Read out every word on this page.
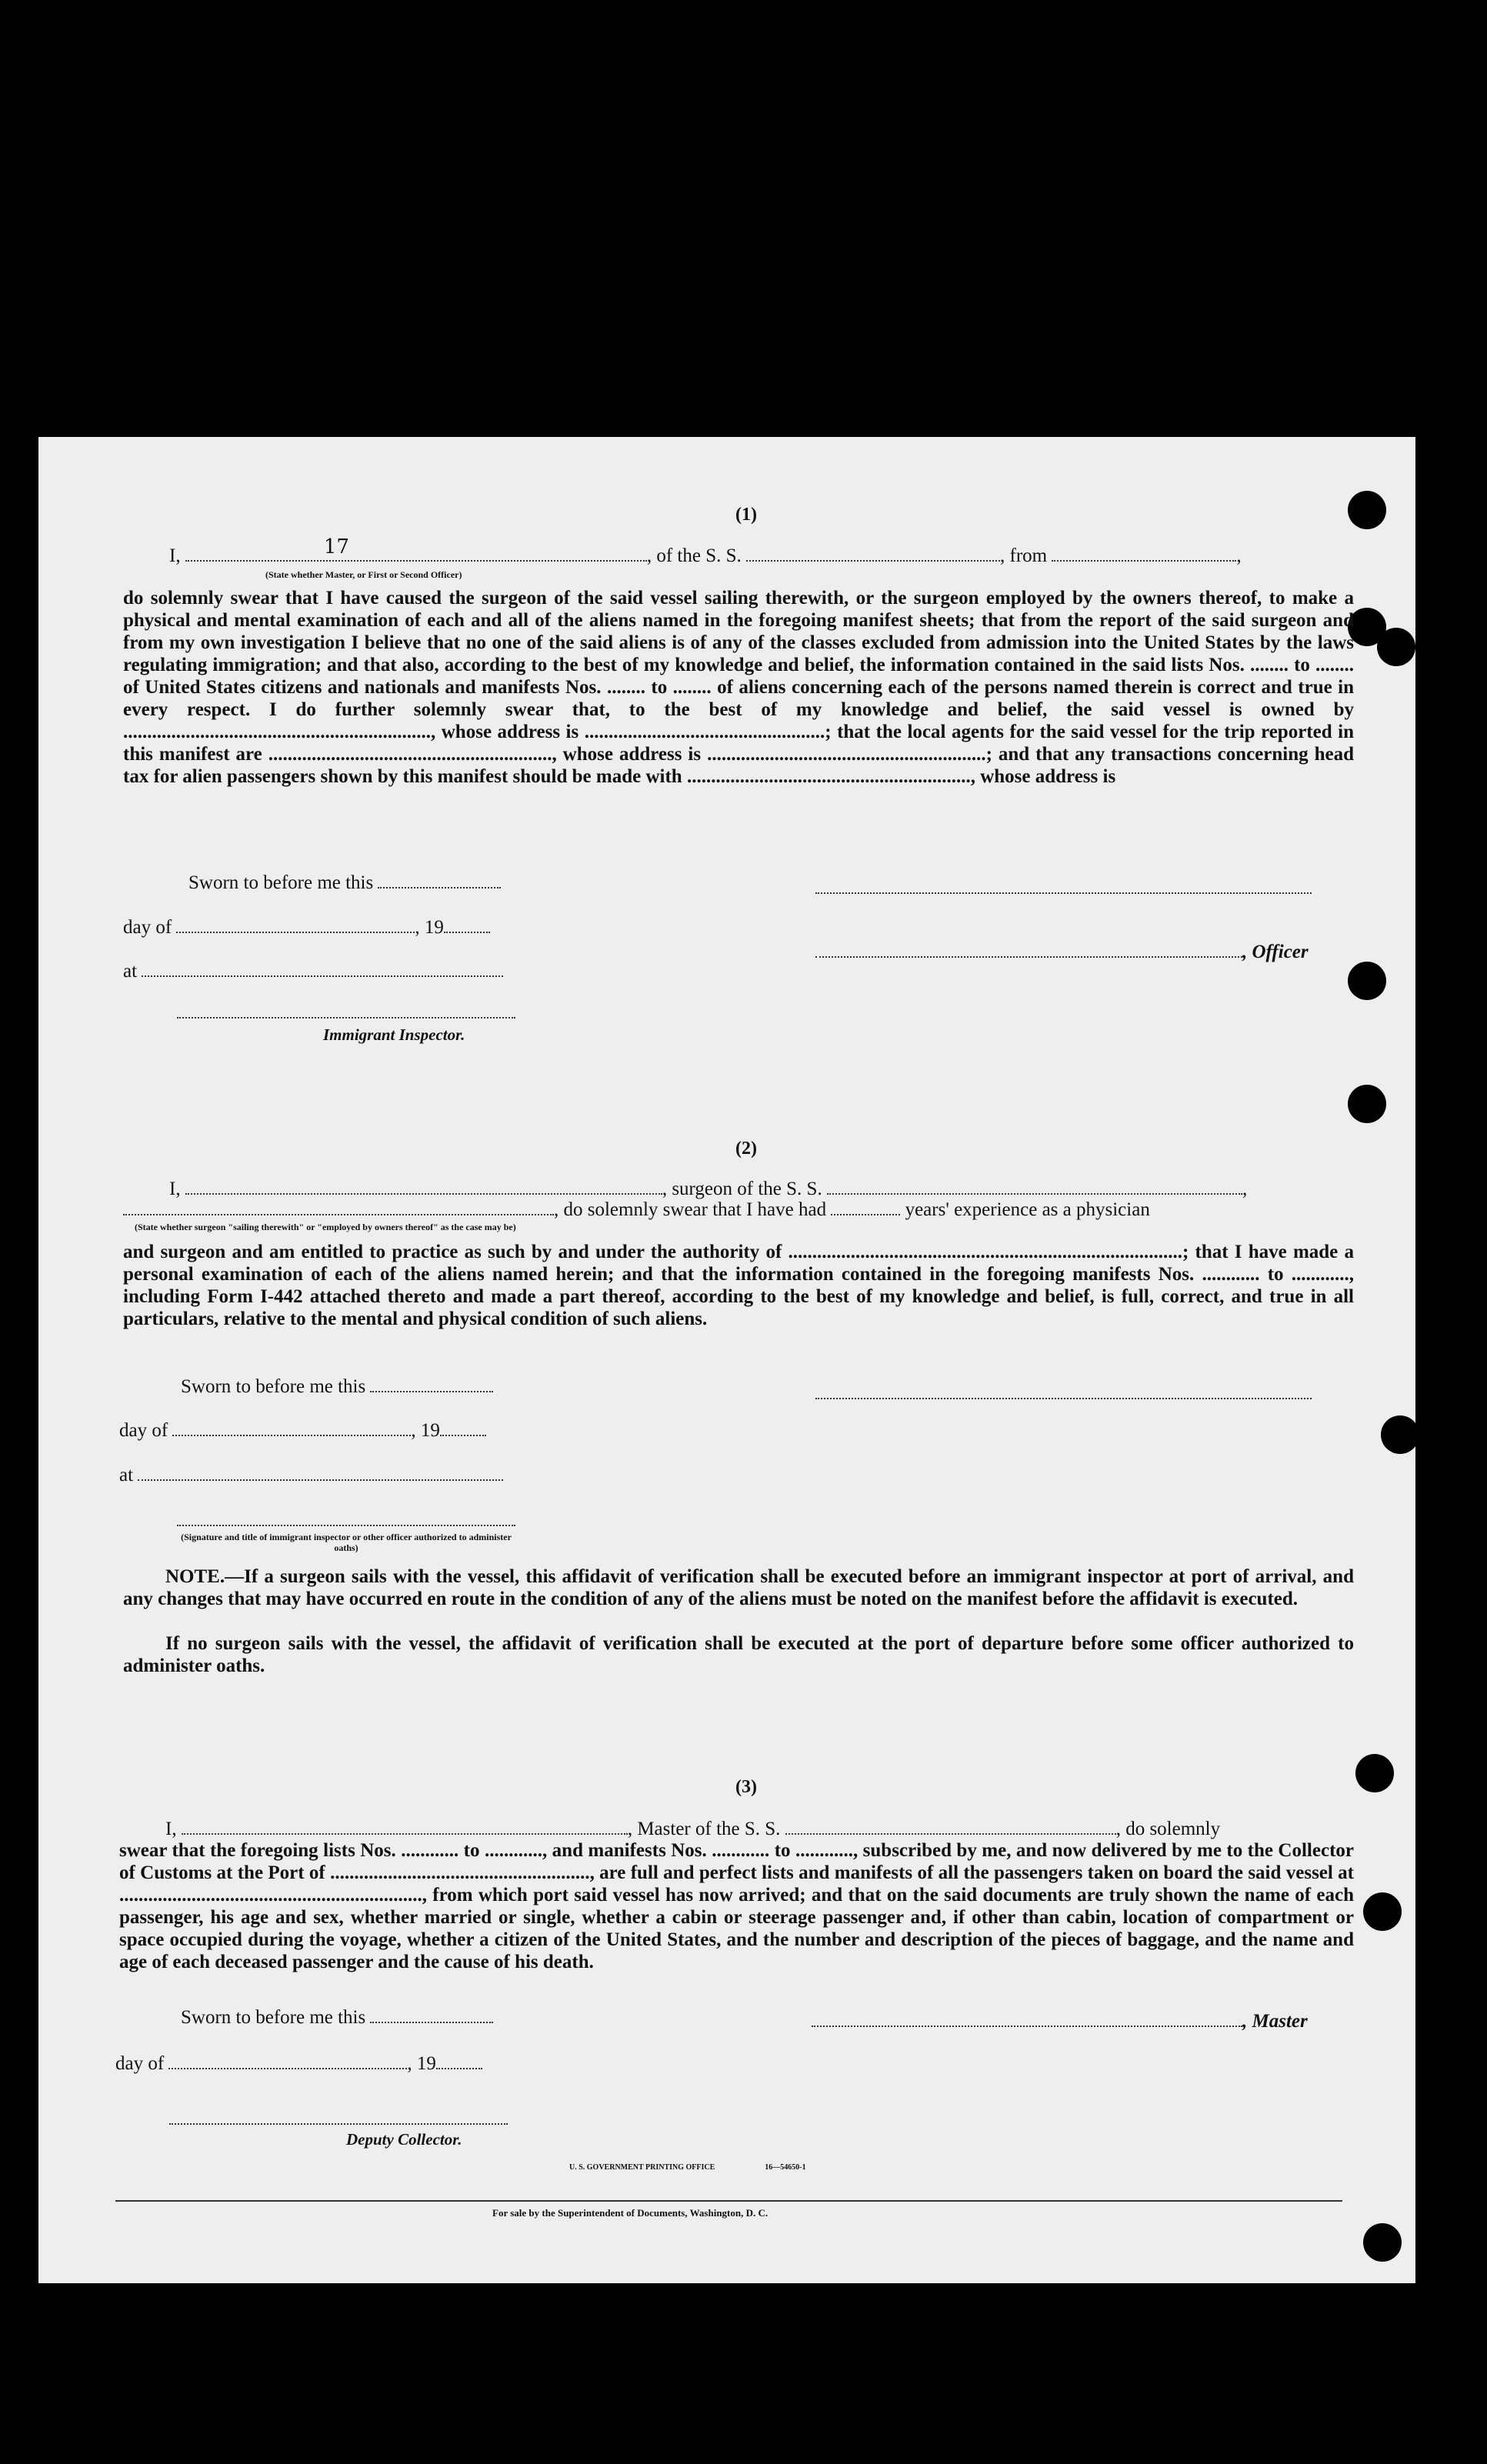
(1)
I,	17	, of the S. S.	, from	,
(State whether Master, or First or Second Officer)
do solemnly swear that I have caused the surgeon of the said vessel sailing therewith, or the surgeon employed by the owners thereof, to make a physical and mental examination of each and all of the aliens named in the foregoing manifest sheets; that from the report of the said surgeon and from my own investigation I believe that no one of the said aliens is of any of the classes excluded from admission into the United States by the laws regulating immigration; and that also, according to the best of my knowledge and belief, the information contained in the said lists Nos. ........ to ........ of United States citizens and nationals and manifests Nos. ........ to ........ of aliens concerning each of the persons named therein is correct and true in every respect. I do further solemnly swear that, to the best of my knowledge and belief, the said vessel is owned by ................................................................, whose address is ..................................................; that the local agents for the said vessel for the trip reported in this manifest are ..........................................................., whose address is ..........................................................; and that any transactions concerning head tax for alien passengers shown by this manifest should be made with ..........................................................., whose address is
Sworn to before me this
day of	, 19
, Officer
at
Immigrant Inspector.
(2)
I,	, surgeon of the S. S.	,
, do solemnly swear that I have had	years' experience as a physician
(State whether surgeon "sailing therewith" or "employed by owners thereof" as the case may be)
and surgeon and am entitled to practice as such by and under the authority of ..................................................................................; that I have made a personal examination of each of the aliens named herein; and that the information contained in the foregoing manifests Nos. ............ to ............, including Form I-442 attached thereto and made a part thereof, according to the best of my knowledge and belief, is full, correct, and true in all particulars, relative to the mental and physical condition of such aliens.
Sworn to before me this
day of	, 19
at
(Signature and title of immigrant inspector or other officer authorized to administer oaths)
NOTE.—If a surgeon sails with the vessel, this affidavit of verification shall be executed before an immigrant inspector at port of arrival, and any changes that may have occurred en route in the condition of any of the aliens must be noted on the manifest before the affidavit is executed.
If no surgeon sails with the vessel, the affidavit of verification shall be executed at the port of departure before some officer authorized to administer oaths.
(3)
I,	, Master of the S. S.	, do solemnly
swear that the foregoing lists Nos. ............ to ............, and manifests Nos. ............ to ............, subscribed by me, and now delivered by me to the Collector of Customs at the Port of ......................................................, are full and perfect lists and manifests of all the passengers taken on board the said vessel at ..............................................................., from which port said vessel has now arrived; and that on the said documents are truly shown the name of each passenger, his age and sex, whether married or single, whether a cabin or steerage passenger and, if other than cabin, location of compartment or space occupied during the voyage, whether a citizen of the United States, and the number and description of the pieces of baggage, and the name and age of each deceased passenger and the cause of his death.
Sworn to before me this	, Master
day of	, 19
Deputy Collector.
U. S. GOVERNMENT PRINTING OFFICE	16—54650-1
For sale by the Superintendent of Documents, Washington, D. C.
